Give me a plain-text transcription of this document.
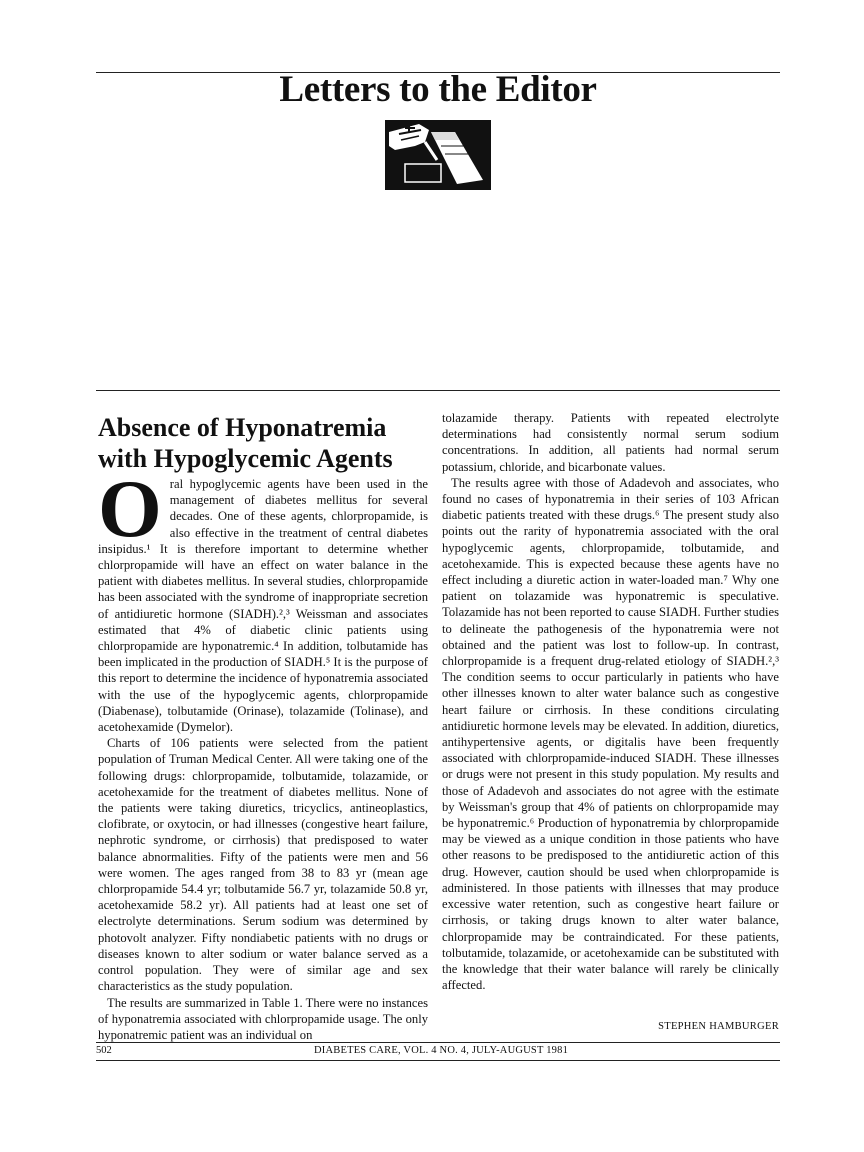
Letters to the Editor
Absence of Hyponatremia
with Hypoglycemic Agents

Oral hypoglycemic agents have been used in the management of diabetes mellitus for several decades. One of these agents, chlorpropamide, is also effective in the treatment of central diabetes insipidus.¹ It is therefore important to determine whether chlorpropamide will have an effect on water balance in the patient with diabetes mellitus. In several studies, chlorpropamide has been associated with the syndrome of inappropriate secretion of antidiuretic hormone (SIADH).²,³ Weissman and associates estimated that 4% of diabetic clinic patients using chlorpropamide are hyponatremic.⁴ In addition, tolbutamide has been implicated in the production of SIADH.⁵ It is the purpose of this report to determine the incidence of hyponatremia associated with the use of the hypoglycemic agents, chlorpropamide (Diabenase), tolbutamide (Orinase), tolazamide (Tolinase), and acetohexamide (Dymelor).

Charts of 106 patients were selected from the patient population of Truman Medical Center. All were taking one of the following drugs: chlorpropamide, tolbutamide, tolazamide, or acetohexamide for the treatment of diabetes mellitus. None of the patients were taking diuretics, tricyclics, antineoplastics, clofibrate, or oxytocin, or had illnesses (congestive heart failure, nephrotic syndrome, or cirrhosis) that predisposed to water balance abnormalities. Fifty of the patients were men and 56 were women. The ages ranged from 38 to 83 yr (mean age chlorpropamide 54.4 yr; tolbutamide 56.7 yr, tolazamide 50.8 yr, acetohexamide 58.2 yr). All patients had at least one set of electrolyte determinations. Serum sodium was determined by photovolt analyzer. Fifty nondiabetic patients with no drugs or diseases known to alter sodium or water balance served as a control population. They were of similar age and sex characteristics as the study population.

The results are summarized in Table 1. There were no instances of hyponatremia associated with chlorpropamide usage. The only hyponatremic patient was an individual on

tolazamide therapy. Patients with repeated electrolyte determinations had consistently normal serum sodium concentrations. In addition, all patients had normal serum potassium, chloride, and bicarbonate values.

The results agree with those of Adadevoh and associates, who found no cases of hyponatremia in their series of 103 African diabetic patients treated with these drugs.⁶ The present study also points out the rarity of hyponatremia associated with the oral hypoglycemic agents, chlorpropamide, tolbutamide, and acetohexamide. This is expected because these agents have no effect including a diuretic action in water-loaded man.⁷ Why one patient on tolazamide was hyponatremic is speculative. Tolazamide has not been reported to cause SIADH. Further studies to delineate the pathogenesis of the hyponatremia were not obtained and the patient was lost to follow-up. In contrast, chlorpropamide is a frequent drug-related etiology of SIADH.²,³ The condition seems to occur particularly in patients who have other illnesses known to alter water balance such as congestive heart failure or cirrhosis. In these conditions circulating antidiuretic hormone levels may be elevated. In addition, diuretics, antihypertensive agents, or digitalis have been frequently associated with chlorpropamide-induced SIADH. These illnesses or drugs were not present in this study population. My results and those of Adadevoh and associates do not agree with the estimate by Weissman's group that 4% of patients on chlorpropamide may be hyponatremic.⁶ Production of hyponatremia by chlorpropamide may be viewed as a unique condition in those patients who have other reasons to be predisposed to the antidiuretic action of this drug. However, caution should be used when chlorpropamide is administered. In those patients with illnesses that may produce excessive water retention, such as congestive heart failure or cirrhosis, or taking drugs known to alter water balance, chlorpropamide may be contraindicated. For these patients, tolbutamide, tolazamide, or acetohexamide can be substituted with the knowledge that their water balance will rarely be clinically affected.

STEPHEN HAMBURGER
502	DIABETES CARE, VOL. 4 NO. 4, JULY-AUGUST 1981
